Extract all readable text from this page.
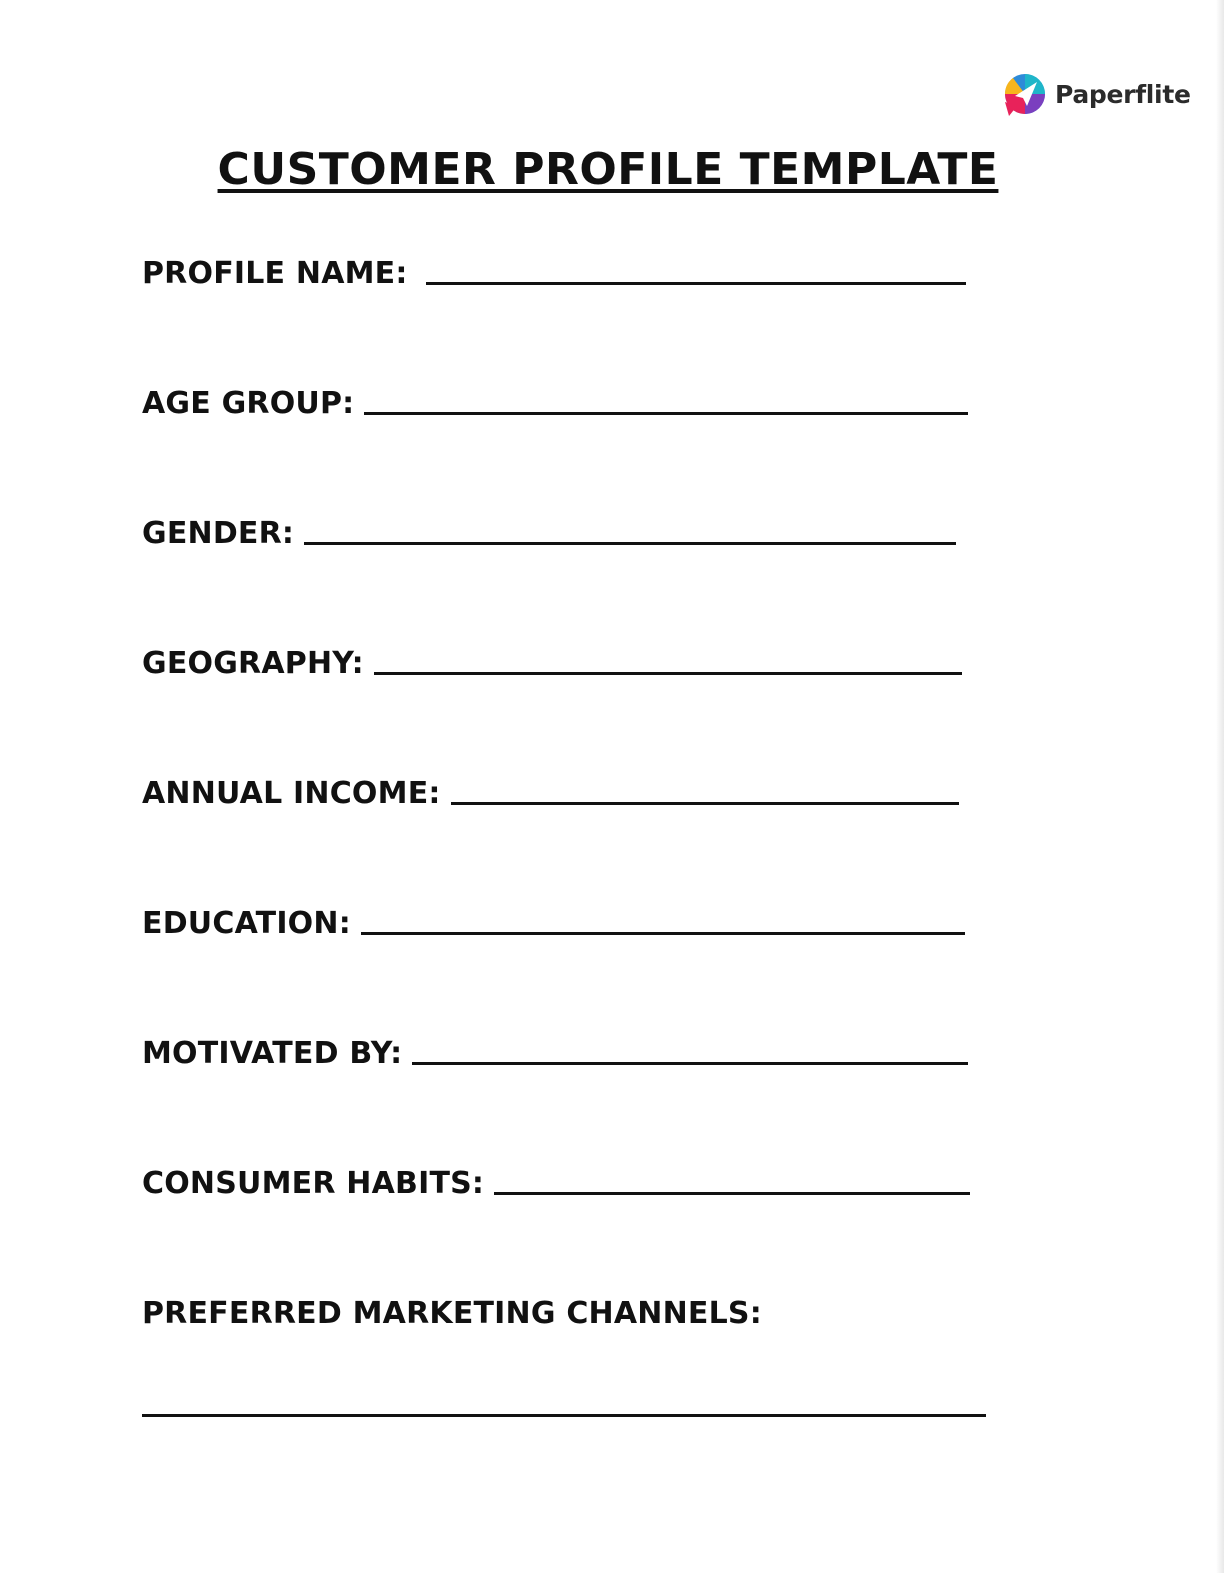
Paperflite
CUSTOMER PROFILE TEMPLATE
PROFILE NAME:
AGE GROUP:
GENDER:
GEOGRAPHY:
ANNUAL INCOME:
EDUCATION:
MOTIVATED BY:
CONSUMER HABITS:
PREFERRED MARKETING CHANNELS:
